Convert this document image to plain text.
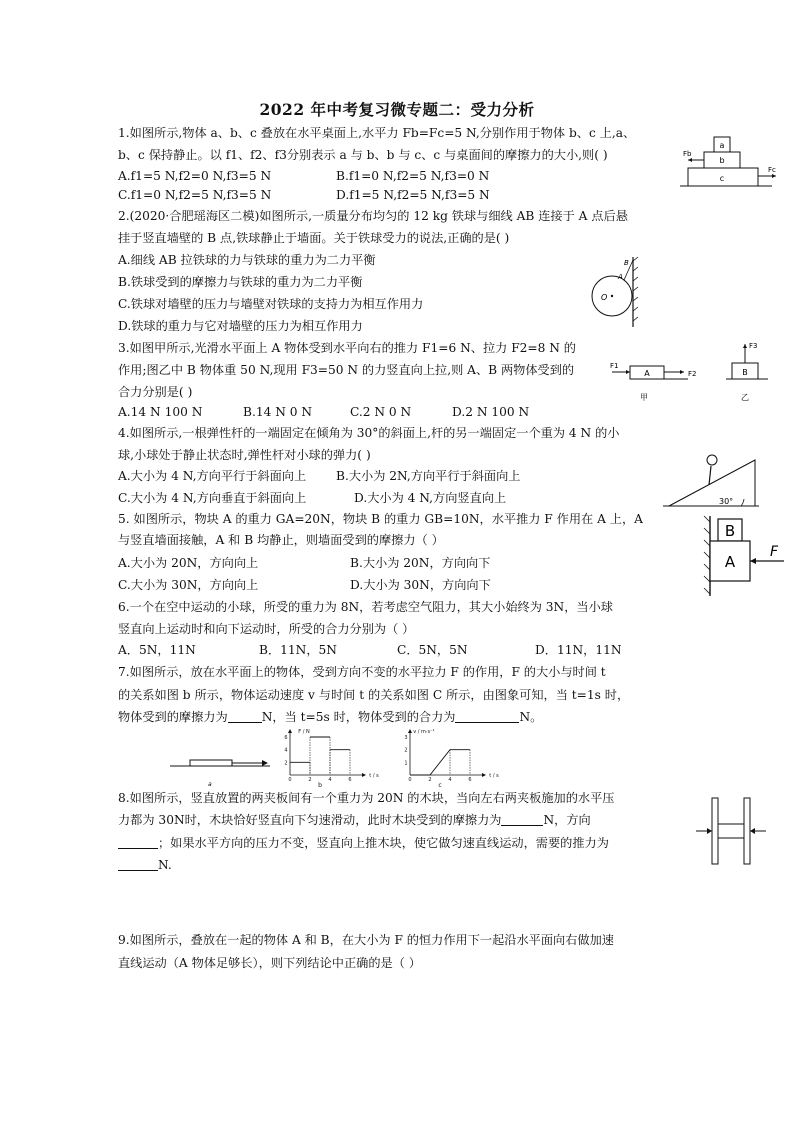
2022 年中考复习微专题二：受力分析
1.如图所示,物体 a、b、c 叠放在水平桌面上,水平力 Fb=Fc=5 N,分别作用于物体 b、c 上,a、
b、c 保持静止。以 f1、f2、f3分别表示 a 与 b、b 与 c、c 与桌面间的摩擦力的大小,则( )
A.f1=5 N,f2=0 N,f3=5 N	B.f1=0 N,f2=5 N,f3=0 N
C.f1=0 N,f2=5 N,f3=5 N	D.f1=5 N,f2=5 N,f3=5 N
a
b
c
Fb
Fc
2.(2020·合肥瑶海区二模)如图所示,一质量分布均匀的 12 kg 铁球与细线 AB 连接于 A 点后悬
挂于竖直墙壁的 B 点,铁球静止于墙面。关于铁球受力的说法,正确的是( )
A.细线 AB 拉铁球的力与铁球的重力为二力平衡
B.铁球受到的摩擦力与铁球的重力为二力平衡
C.铁球对墙壁的压力与墙壁对铁球的支持力为相互作用力
D.铁球的重力与它对墙壁的压力为相互作用力
O
A
B
3.如图甲所示,光滑水平面上 A 物体受到水平向右的推力 F1=6 N、拉力 F2=8 N 的
作用;图乙中 B 物体重 50 N,现用 F3=50 N 的力竖直向上拉,则 A、B 两物体受到的
合力分别是( )
A.14 N 100 N	B.14 N 0 N	C.2 N 0 N	D.2 N 100 N
A
F1
F2
甲
B
F3
乙
4.如图所示,一根弹性杆的一端固定在倾角为 30°的斜面上,杆的另一端固定一个重为 4 N 的小
球,小球处于静止状态时,弹性杆对小球的弹力( )
A.大小为 4 N,方向平行于斜面向上 B.大小为 2N,方向平行于斜面向上
C.大小为 4 N,方向垂直于斜面向上	D.大小为 4 N,方向竖直向上	30°
5. 如图所示，物块 A 的重力 GA=20N，物块 B 的重力 GB=10N，水平推力 F 作用在 A 上，A
与竖直墙面接触，A 和 B 均静止，则墙面受到的摩擦力（ ）
A.大小为 20N，方向向上	B.大小为 20N，方向向下
C.大小为 30N，方向向上	D.大小为 30N，方向向下
B
A
F
6.一个在空中运动的小球，所受的重力为 8N，若考虑空气阻力，其大小始终为 3N，当小球
竖直向上运动时和向下运动时，所受的合力分别为（ ）
A．5N，11N	B．11N，5N	C．5N，5N	D．11N，11N
7.如图所示，放在水平面上的物体，受到方向不变的水平拉力 F 的作用，F 的大小与时间 t
的关系如图 b 所示，物体运动速度 v 与时间 t 的关系如图 C 所示，由图象可知，当 t=1s 时，
物体受到的摩擦力为	N，当 t=5s 时，物体受到的合力为	N。
a
F / N
t / s
b
0	2	4	6
6
4
2
v / m·s⁻¹
t / s
c
0	2	4	6
3
2
1
8.如图所示，竖直放置的两夹板间有一个重力为 20N 的木块，当向左右两夹板施加的水平压
力都为 30N时，木块恰好竖直向下匀速滑动，此时木块受到的摩擦力为	N，方向
；如果水平方向的压力不变，竖直向上推木块，使它做匀速直线运动，需要的推力为
N.
9.如图所示，叠放在一起的物体 A 和 B，在大小为 F 的恒力作用下一起沿水平面向右做加速
直线运动（A 物体足够长），则下列结论中正确的是（ ）
